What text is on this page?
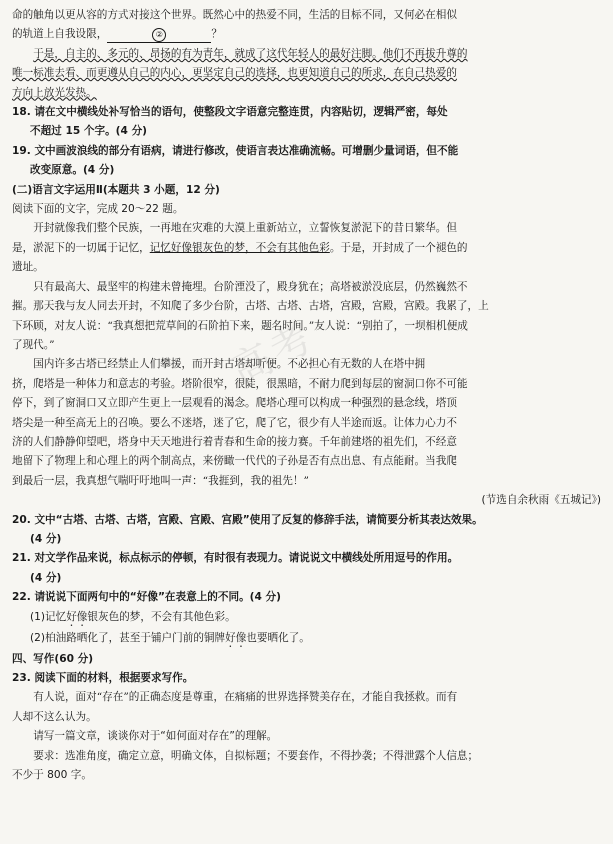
高考

命的触角以更从容的方式对接这个世界。既然心中的热爱不同，生活的目标不同，又何必在相似

的轨道上自我设限，	②	？

于是，自主的、多元的、昂扬的有为青年，就成了这代年轻人的最好注脚。他们不再拔升尊的

唯一标准去看、而更遵从自己的内心，更坚定自己的选择，也更知道自己的所求，在自己热爱的

方向上放光发热。

18. 请在文中横线处补写恰当的语句，使整段文字语意完整连贯，内容贴切，逻辑严密，每处

不超过 15 个字。(4 分)

19. 文中画波浪线的部分有语病，请进行修改，使语言表达准确流畅。可增删少量词语，但不能

改变原意。(4 分)

(二)语言文字运用Ⅱ(本题共 3 小题，12 分)

阅读下面的文字，完成 20～22 题。

开封就像我们整个民族，一再地在灾难的大漠上重新站立，立誓恢复淤泥下的昔日繁华。但

是，淤泥下的一切属于记忆，记忆好像银灰色的梦，不会有其他色彩。于是，开封成了一个褪色的

遗址。

只有最高大、最坚牢的构建未曾掩埋。台阶湮没了，殿身犹在；高塔被淤没底层，仍然巍然不

摧。那天我与友人同去开封，不知爬了多少台阶，古塔、古塔、古塔，宫殿，宫殿，宫殿。我累了，上

下环顾，对友人说：“我真想把荒草间的石阶拍下来，题名时间。”友人说：“别拍了，一坝相机便成

了现代。”

国内许多古塔已经禁止人们攀援，而开封古塔却听便。不必担心有无数的人在塔中拥

挤，爬塔是一种体力和意志的考验。塔阶很窄，很陡，很黑暗，不耐力爬到每层的窗洞口你不可能

停下，到了窗洞口又立即产生更上一层观看的渴念。爬塔心理可以构成一种强烈的悬念线，塔顶

塔尖是一种至高无上的召唤。要么不迷塔，迷了它，爬了它，很少有人半途而返。让体力心力不

济的人们静静仰望吧，塔身中天天地进行着青春和生命的接力赛。千年前建塔的祖先们，不经意

地留下了物理上和心理上的两个制高点，来傍瞰一代代的子孙是否有点出息、有点能耐。当我爬

到最后一层，我真想气喘吁吁地叫一声：“我捱到，我的祖先！”

(节选自余秋雨《五城记》)

20. 文中“古塔、古塔、古塔，宫殿、宫殿、宫殿”使用了反复的修辞手法，请简要分析其表达效果。

(4 分)

21. 对文学作品来说，标点标示的停顿，有时很有表现力。请说说文中横线处所用逗号的作用。

(4 分)

22. 请说说下面两句中的“好像”在表意上的不同。(4 分)

(1)记忆好像银灰色的梦，不会有其他色彩。

(2)柏油路晒化了，甚至于铺户门前的铜牌好像也要晒化了。

四、写作(60 分)

23. 阅读下面的材料，根据要求写作。

有人说，面对“存在”的正确态度是尊重，在痛痛的世界选择赞美存在，才能自我拯救。而有

人却不这么认为。

请写一篇文章，谈谈你对于“如何面对存在”的理解。

要求：选准角度，确定立意，明确文体，自拟标题；不要套作，不得抄袭；不得泄露个人信息；

不少于 800 字。
